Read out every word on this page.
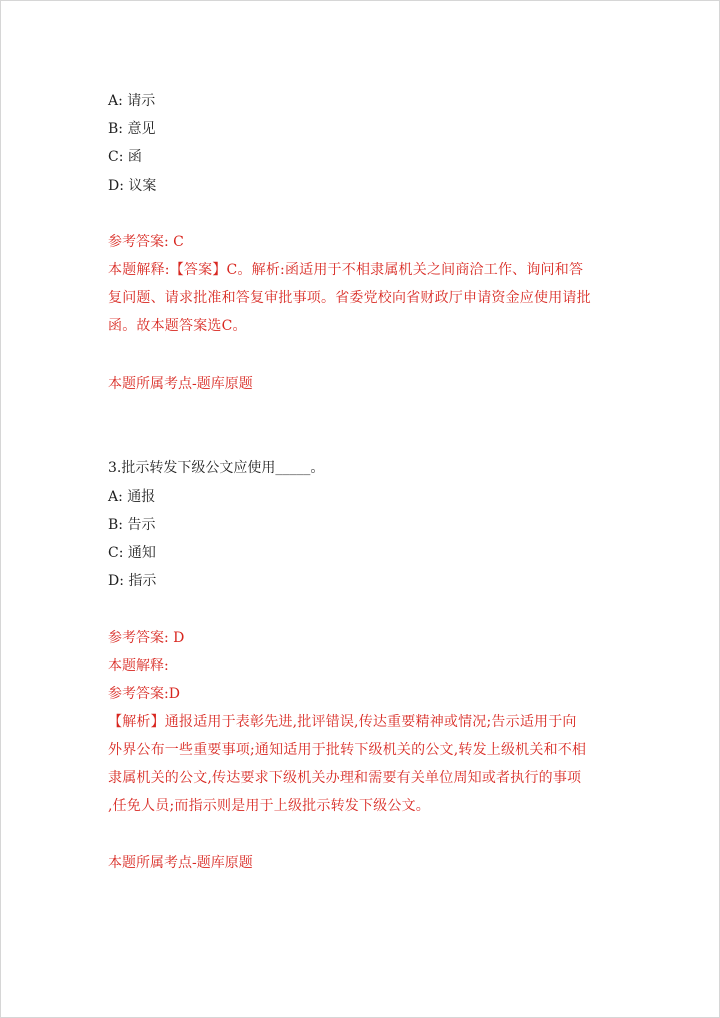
A: 请示
B: 意见
C: 函
D: 议案
参考答案: C
本题解释:【答案】C。解析:函适用于不相隶属机关之间商洽工作、询问和答
复问题、请求批准和答复审批事项。省委党校向省财政厅申请资金应使用请批
函。故本题答案选C。
本题所属考点-题库原题
3.批示转发下级公文应使用_____。
A: 通报
B: 告示
C: 通知
D: 指示
参考答案: D
本题解释:
参考答案:D
【解析】通报适用于表彰先进,批评错误,传达重要精神或情况;告示适用于向
外界公布一些重要事项;通知适用于批转下级机关的公文,转发上级机关和不相
隶属机关的公文,传达要求下级机关办理和需要有关单位周知或者执行的事项
,任免人员;而指示则是用于上级批示转发下级公文。
本题所属考点-题库原题
